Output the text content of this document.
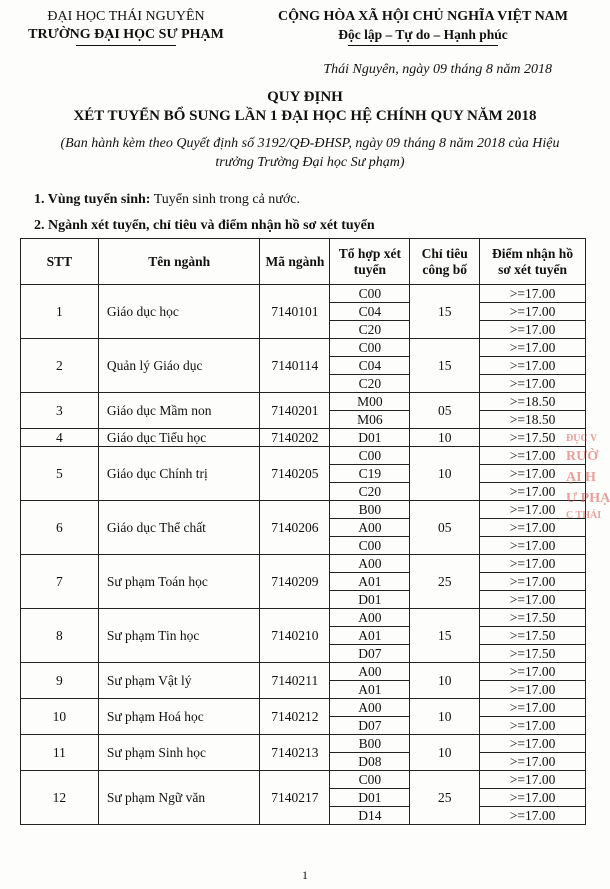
ĐẠI HỌC THÁI NGUYÊN
TRƯỜNG ĐẠI HỌC SƯ PHẠM
CỘNG HÒA XÃ HỘI CHỦ NGHĨA VIỆT NAM
Độc lập – Tự do – Hạnh phúc
Thái Nguyên, ngày 09 tháng 8 năm 2018
QUY ĐỊNH
XÉT TUYỂN BỔ SUNG LẦN 1 ĐẠI HỌC HỆ CHÍNH QUY NĂM 2018
(Ban hành kèm theo Quyết định số 3192/QĐ-ĐHSP, ngày 09 tháng 8 năm 2018 của Hiệu trưởng Trường Đại học Sư phạm)
1. Vùng tuyển sinh: Tuyển sinh trong cả nước.
2. Ngành xét tuyển, chỉ tiêu và điểm nhận hồ sơ xét tuyển
STT	Tên ngành	Mã ngành	Tổ hợp xét tuyển	Chỉ tiêu công bố	Điểm nhận hồ sơ xét tuyển
1	Giáo dục học	7140101	C00	15	>=17.00
			C04		>=17.00
			C20		>=17.00
2	Quản lý Giáo dục	7140114	C00	15	>=17.00
			C04		>=17.00
			C20		>=17.00
3	Giáo dục Mầm non	7140201	M00	05	>=18.50
			M06		>=18.50
4	Giáo dục Tiểu học	7140202	D01	10	>=17.50
5	Giáo dục Chính trị	7140205	C00	10	>=17.00
			C19		>=17.00
			C20		>=17.00
6	Giáo dục Thể chất	7140206	B00	05	>=17.00
			A00		>=17.00
			C00		>=17.00
7	Sư phạm Toán học	7140209	A00	25	>=17.00
			A01		>=17.00
			D01		>=17.00
8	Sư phạm Tin học	7140210	A00	15	>=17.50
			A01		>=17.50
			D07		>=17.50
9	Sư phạm Vật lý	7140211	A00	10	>=17.00
			A01		>=17.00
10	Sư phạm Hoá học	7140212	A00	10	>=17.00
			D07		>=17.00
11	Sư phạm Sinh học	7140213	B00	10	>=17.00
			D08		>=17.00
12	Sư phạm Ngữ văn	7140217	C00	25	>=17.00
			D01		>=17.00
			D14		>=17.00
ĐỤC V
RƯỜ
ẠI H
Ư PHẠ
C THÁI
1
